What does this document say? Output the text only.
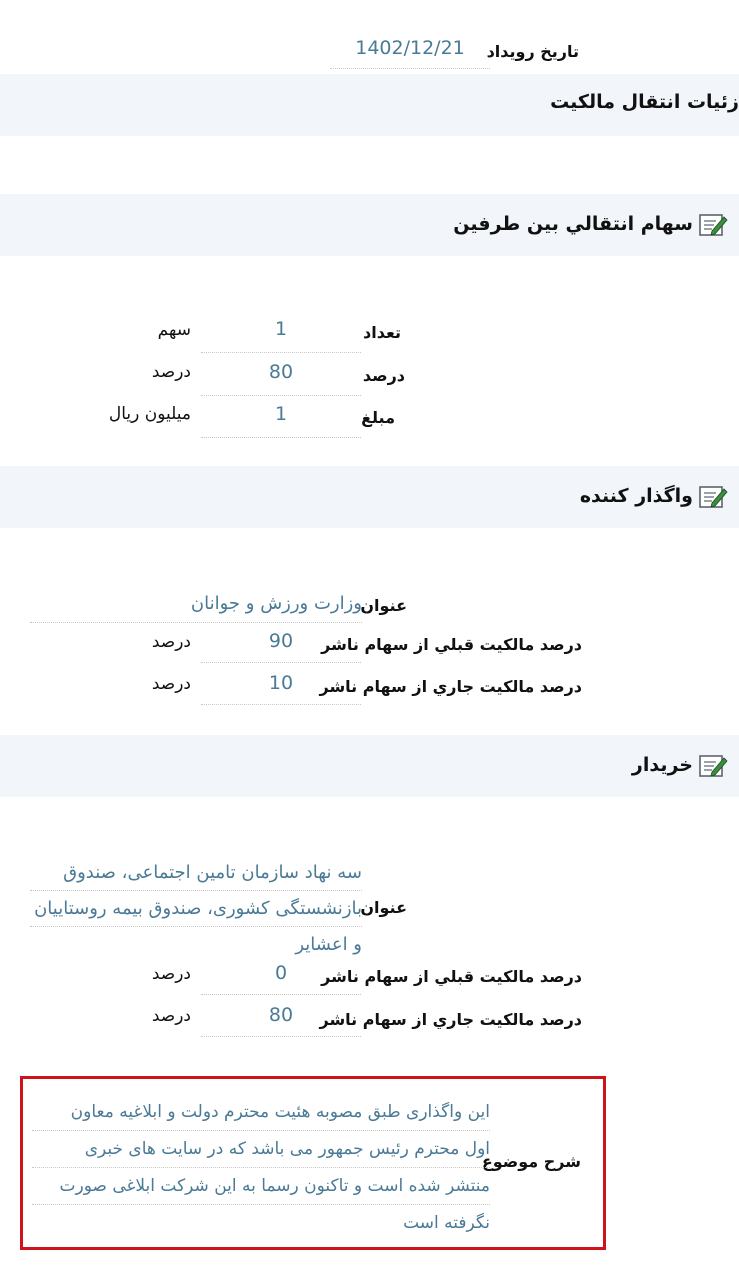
تاریخ رویداد
1402/12/21
زئیات انتقال مالکیت
سهام انتقالي بين طرفين
تعداد
1
سهم
درصد
80
درصد
مبلغ
1
ميليون ريال
واگذار كننده
عنوان
وزارت ورزش و جوانان
درصد مالكيت قبلي از سهام ناشر
90
درصد
درصد مالكيت جاري از سهام ناشر
10
درصد
خريدار
عنوان
سه نهاد سازمان تامین اجتماعی، صندوق
بازنشستگی کشوری، صندوق بیمه روستاییان
و اعشایر
درصد مالكيت قبلي از سهام ناشر
0
درصد
درصد مالكيت جاري از سهام ناشر
80
درصد
شرح موضوع
این واگذاری طبق مصوبه هئیت محترم دولت و ابلاغیه معاون
اول محترم رئیس جمهور می باشد که در سایت های خبری
منتشر شده است و تاکنون رسما به این شرکت ابلاغی صورت
نگرفته است
